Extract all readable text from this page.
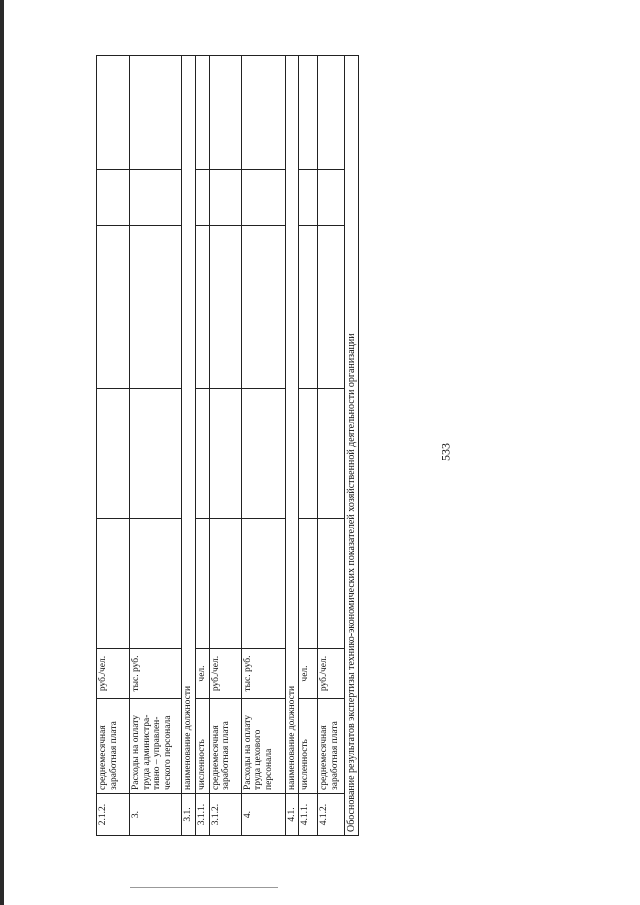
533
2.1.2.	среднемесячная заработная плата	руб./чел.					
3.	Расходы на оплату труда администра-тивно – управлен-ческого персонала	тыс. руб.					
3.1.	наименование должности						
3.1.1.	численность	чел.					
3.1.2.	среднемесячная заработная плата	руб./чел.					
4.	Расходы на оплату труда цехового персонала	тыс. руб.					
4.1.	наименование должности						
4.1.1.	численность	чел.					
4.1.2.	среднемесячная заработная плата	руб./чел.					
Обоснование результатов экспертизы технико-экономических показателей хозяйственной деятельности организации							
